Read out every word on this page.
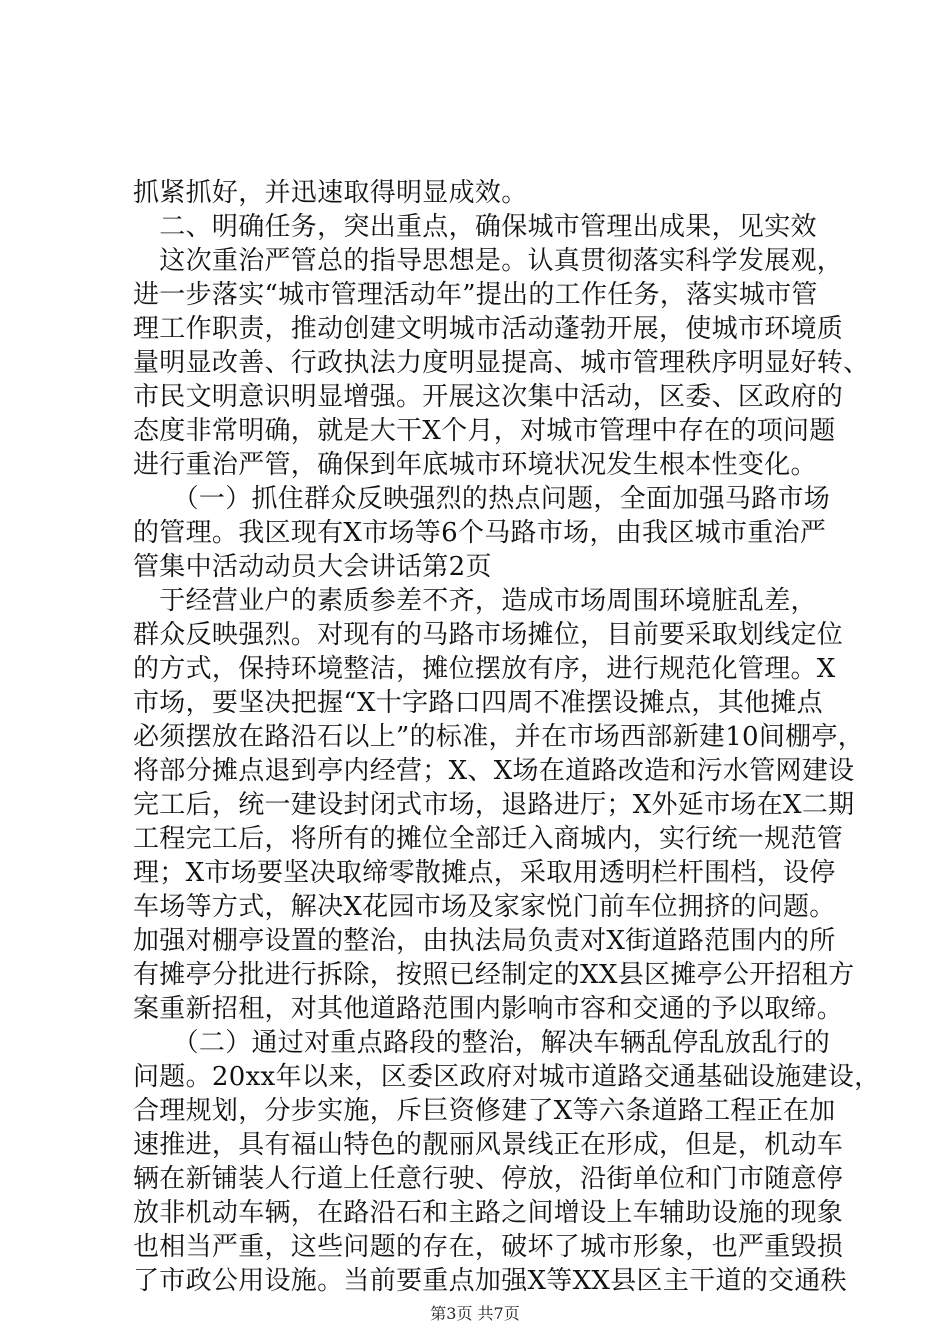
抓紧抓好，并迅速取得明显成效。
　二、明确任务，突出重点，确保城市管理出成果，见实效
　这次重治严管总的指导思想是。认真贯彻落实科学发展观，
进一步落实“城市管理活动年”提出的工作任务，落实城市管
理工作职责，推动创建文明城市活动蓬勃开展，使城市环境质
量明显改善、行政执法力度明显提高、城市管理秩序明显好转、
市民文明意识明显增强。开展这次集中活动，区委、区政府的
态度非常明确，就是大干X个月，对城市管理中存在的项问题
进行重治严管，确保到年底城市环境状况发生根本性变化。
　　（一）抓住群众反映强烈的热点问题，全面加强马路市场
的管理。我区现有X市场等6个马路市场，由我区城市重治严
管集中活动动员大会讲话第2页
　于经营业户的素质参差不齐，造成市场周围环境脏乱差，
群众反映强烈。对现有的马路市场摊位，目前要采取划线定位
的方式，保持环境整洁，摊位摆放有序，进行规范化管理。X
市场，要坚决把握“X十字路口四周不准摆设摊点，其他摊点
必须摆放在路沿石以上”的标准，并在市场西部新建10间棚亭，
将部分摊点退到亭内经营；X、X场在道路改造和污水管网建设
完工后，统一建设封闭式市场，退路进厅；X外延市场在X二期
工程完工后，将所有的摊位全部迁入商城内，实行统一规范管
理；X市场要坚决取缔零散摊点，采取用透明栏杆围档，设停
车场等方式，解决X花园市场及家家悦门前车位拥挤的问题。
加强对棚亭设置的整治，由执法局负责对X街道路范围内的所
有摊亭分批进行拆除，按照已经制定的XX县区摊亭公开招租方
案重新招租，对其他道路范围内影响市容和交通的予以取缔。
　　（二）通过对重点路段的整治，解决车辆乱停乱放乱行的
问题。20xx年以来，区委区政府对城市道路交通基础设施建设，
合理规划，分步实施，斥巨资修建了X等六条道路工程正在加
速推进，具有福山特色的靓丽风景线正在形成，但是，机动车
辆在新铺装人行道上任意行驶、停放，沿街单位和门市随意停
放非机动车辆，在路沿石和主路之间增设上车辅助设施的现象
也相当严重，这些问题的存在，破坏了城市形象，也严重毁损
了市政公用设施。当前要重点加强X等XX县区主干道的交通秩
第3页 共7页
